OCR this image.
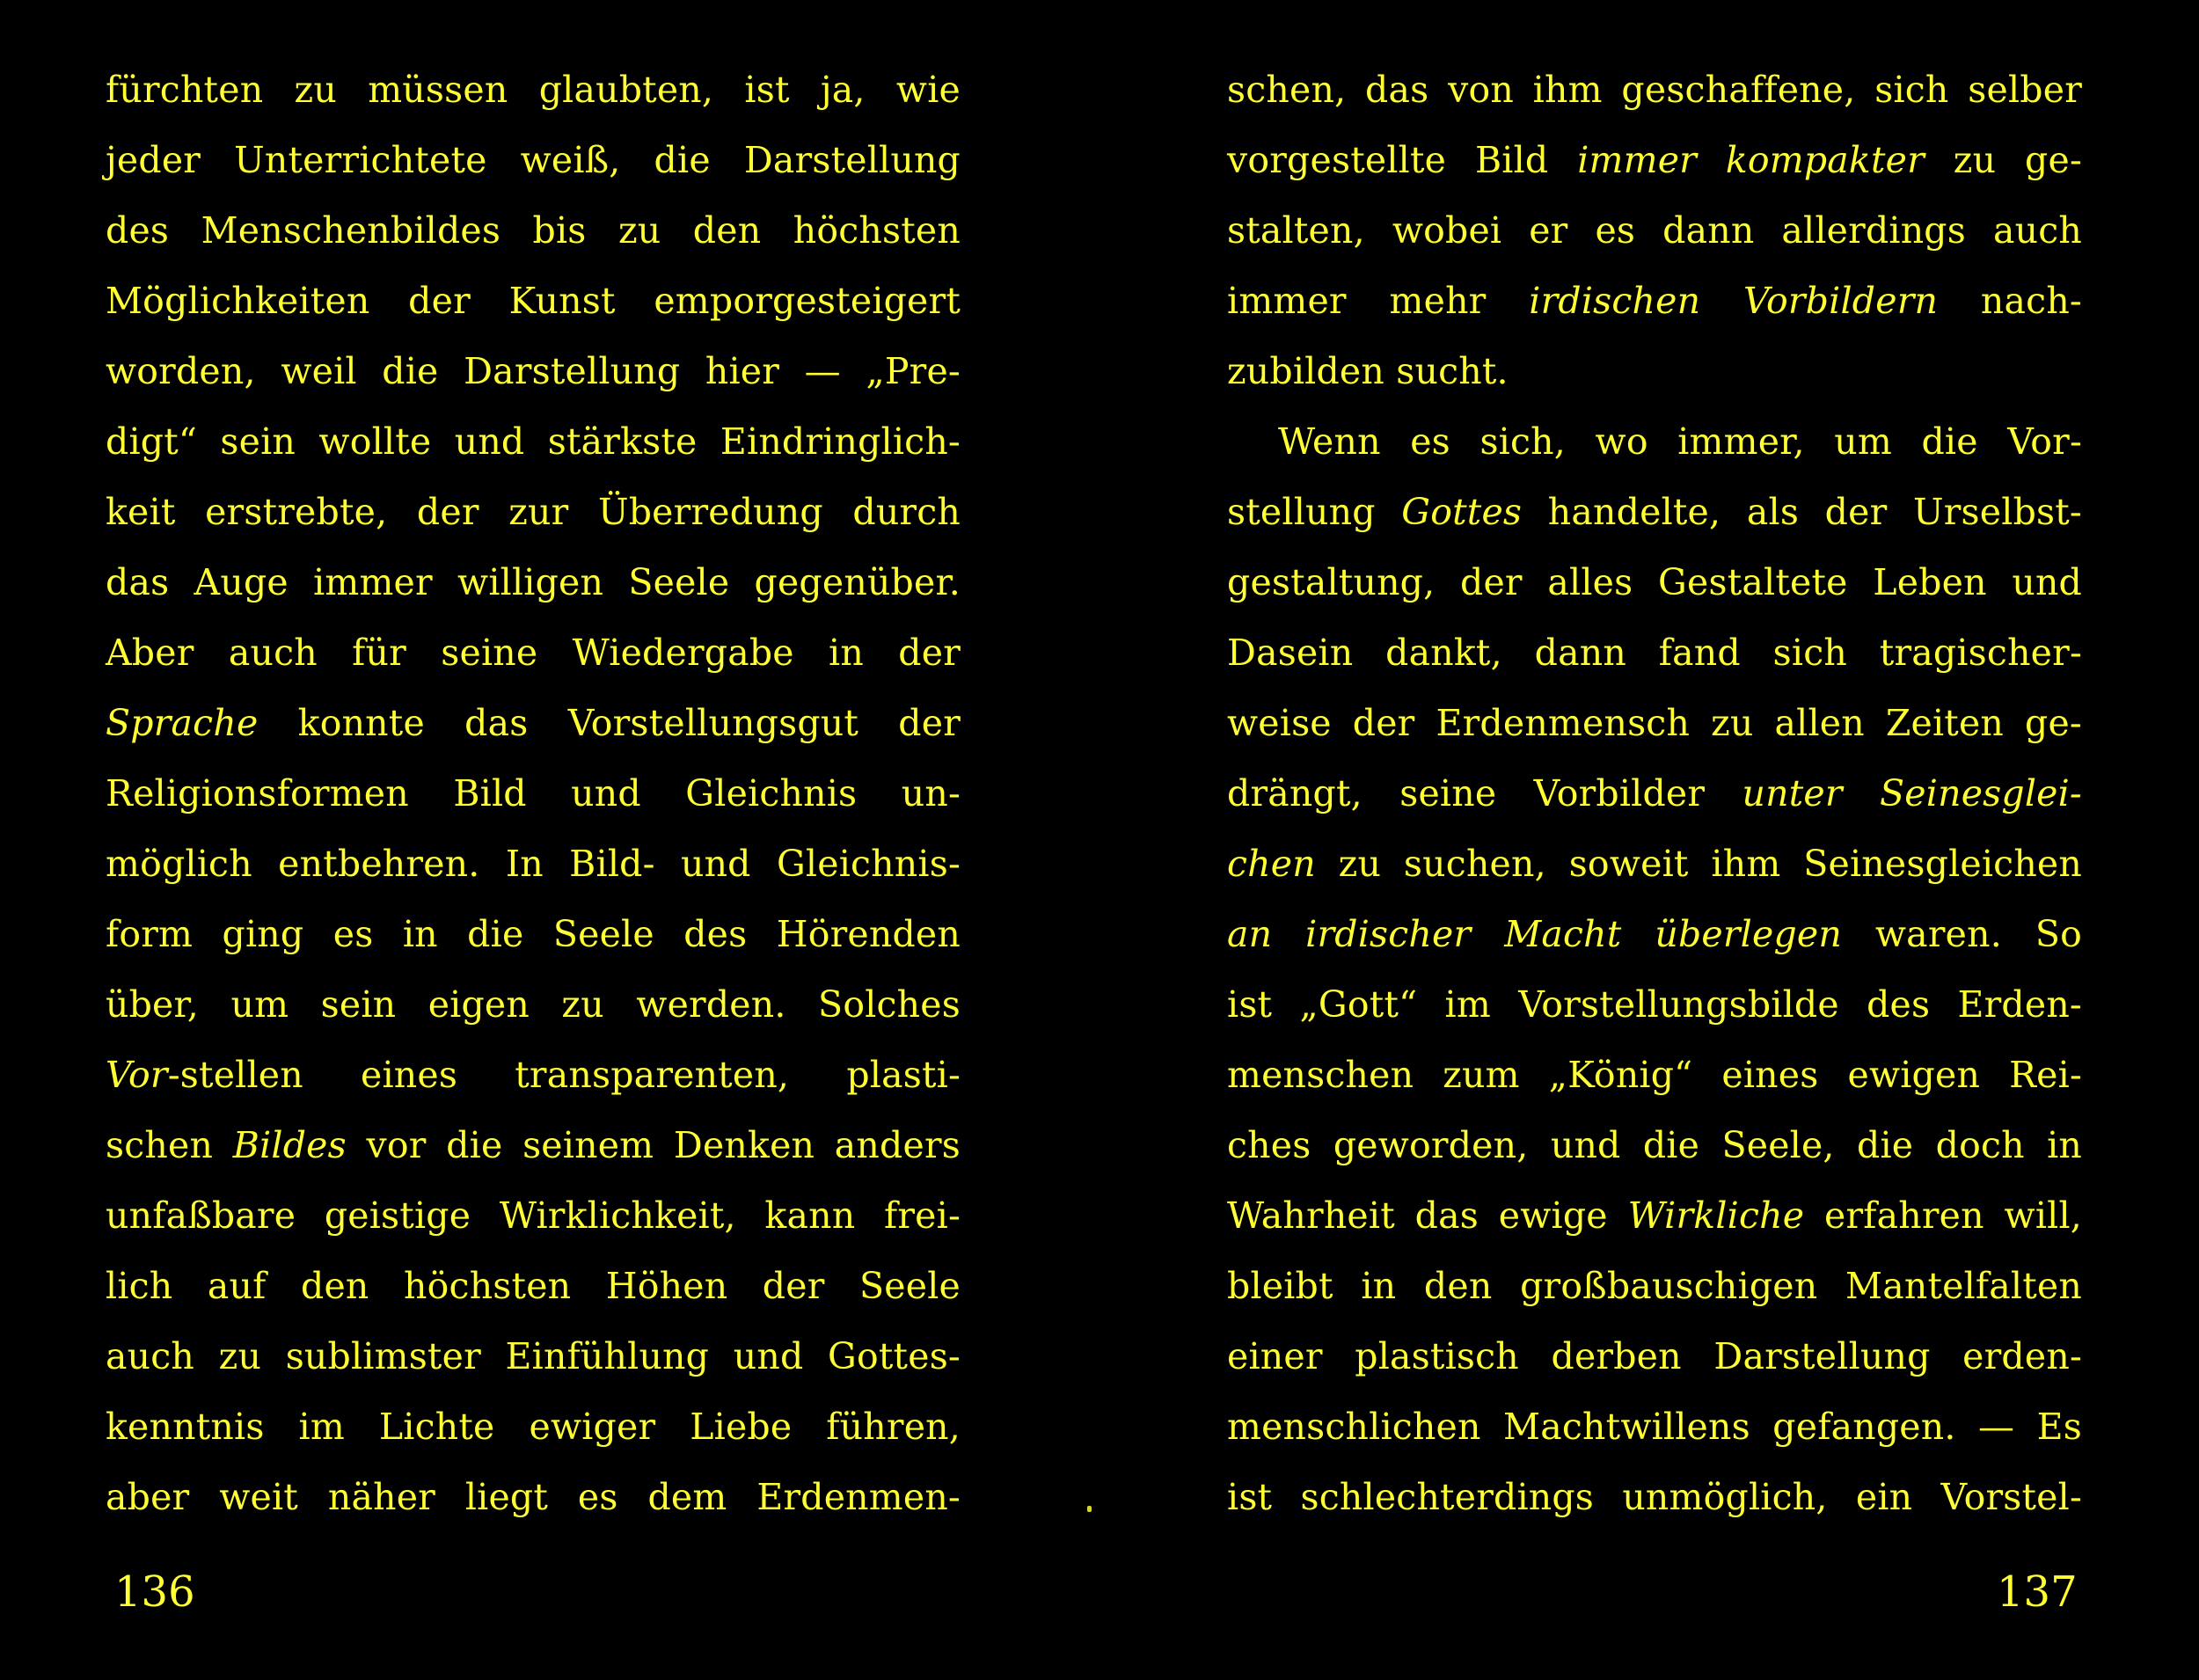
fürchten zu müssen glaubten, ist ja, wie
jeder Unterrichtete weiß, die Darstellung
des Menschenbildes bis zu den höchsten
Möglichkeiten der Kunst emporgesteigert
worden, weil die Darstellung hier — „Pre-
digt“ sein wollte und stärkste Eindringlich-
keit erstrebte, der zur Überredung durch
das Auge immer willigen Seele gegenüber.
Aber auch für seine Wiedergabe in der
Sprache konnte das Vorstellungsgut der
Religionsformen Bild und Gleichnis un-
möglich entbehren. In Bild- und Gleichnis-
form ging es in die Seele des Hörenden
über, um sein eigen zu werden. Solches
Vor-stellen eines transparenten, plasti-
schen Bildes vor die seinem Denken anders
unfaßbare geistige Wirklichkeit, kann frei-
lich auf den höchsten Höhen der Seele
auch zu sublimster Einfühlung und Gottes-
kenntnis im Lichte ewiger Liebe führen,
aber weit näher liegt es dem Erdenmen-
136
schen, das von ihm geschaffene, sich selber
vorgestellte Bild immer kompakter zu ge-
stalten, wobei er es dann allerdings auch
immer mehr irdischen Vorbildern nach-
zubilden sucht.
Wenn es sich, wo immer, um die Vor-
stellung Gottes handelte, als der Urselbst-
gestaltung, der alles Gestaltete Leben und
Dasein dankt, dann fand sich tragischer-
weise der Erdenmensch zu allen Zeiten ge-
drängt, seine Vorbilder unter Seinesglei-
chen zu suchen, soweit ihm Seinesgleichen
an irdischer Macht überlegen waren. So
ist „Gott“ im Vorstellungsbilde des Erden-
menschen zum „König“ eines ewigen Rei-
ches geworden, und die Seele, die doch in
Wahrheit das ewige Wirkliche erfahren will,
bleibt in den großbauschigen Mantelfalten
einer plastisch derben Darstellung erden-
menschlichen Machtwillens gefangen. — Es
ist schlechterdings unmöglich, ein Vorstel-
137
